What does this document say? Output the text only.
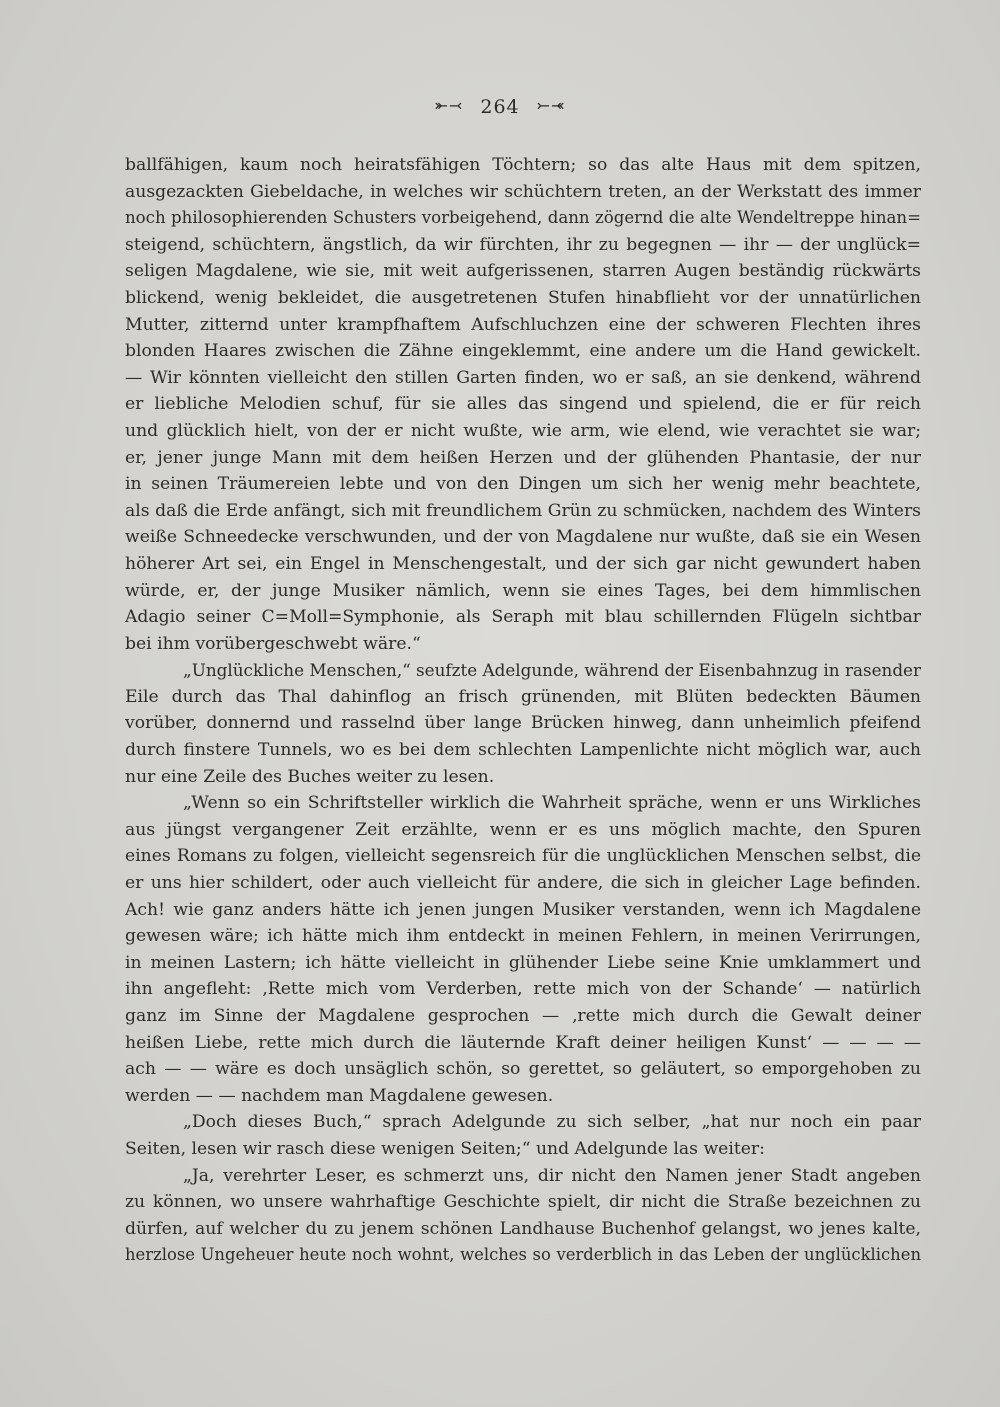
⤜⤙ 264 ⤚⤛
ballfähigen, kaum noch heiratsfähigen Töchtern; so das alte Haus mit dem spitzen,
ausgezackten Giebeldache, in welches wir schüchtern treten, an der Werkstatt des immer
noch philosophierenden Schusters vorbeigehend, dann zögernd die alte Wendeltreppe hinan=
steigend, schüchtern, ängstlich, da wir fürchten, ihr zu begegnen — ihr — der unglück=
seligen Magdalene, wie sie, mit weit aufgerissenen, starren Augen beständig rückwärts
blickend, wenig bekleidet, die ausgetretenen Stufen hinabflieht vor der unnatürlichen
Mutter, zitternd unter krampfhaftem Aufschluchzen eine der schweren Flechten ihres
blonden Haares zwischen die Zähne eingeklemmt, eine andere um die Hand gewickelt.
— Wir könnten vielleicht den stillen Garten finden, wo er saß, an sie denkend, während
er liebliche Melodien schuf, für sie alles das singend und spielend, die er für reich
und glücklich hielt, von der er nicht wußte, wie arm, wie elend, wie verachtet sie war;
er, jener junge Mann mit dem heißen Herzen und der glühenden Phantasie, der nur
in seinen Träumereien lebte und von den Dingen um sich her wenig mehr beachtete,
als daß die Erde anfängt, sich mit freundlichem Grün zu schmücken, nachdem des Winters
weiße Schneedecke verschwunden, und der von Magdalene nur wußte, daß sie ein Wesen
höherer Art sei, ein Engel in Menschengestalt, und der sich gar nicht gewundert haben
würde, er, der junge Musiker nämlich, wenn sie eines Tages, bei dem himmlischen
Adagio seiner C=Moll=Symphonie, als Seraph mit blau schillernden Flügeln sichtbar
bei ihm vorübergeschwebt wäre.“
„Unglückliche Menschen,“ seufzte Adelgunde, während der Eisenbahnzug in rasender
Eile durch das Thal dahinflog an frisch grünenden, mit Blüten bedeckten Bäumen
vorüber, donnernd und rasselnd über lange Brücken hinweg, dann unheimlich pfeifend
durch finstere Tunnels, wo es bei dem schlechten Lampenlichte nicht möglich war, auch
nur eine Zeile des Buches weiter zu lesen.
„Wenn so ein Schriftsteller wirklich die Wahrheit spräche, wenn er uns Wirkliches
aus jüngst vergangener Zeit erzählte, wenn er es uns möglich machte, den Spuren
eines Romans zu folgen, vielleicht segensreich für die unglücklichen Menschen selbst, die
er uns hier schildert, oder auch vielleicht für andere, die sich in gleicher Lage befinden.
Ach! wie ganz anders hätte ich jenen jungen Musiker verstanden, wenn ich Magdalene
gewesen wäre; ich hätte mich ihm entdeckt in meinen Fehlern, in meinen Verirrungen,
in meinen Lastern; ich hätte vielleicht in glühender Liebe seine Knie umklammert und
ihn angefleht: ‚Rette mich vom Verderben, rette mich von der Schande‘ — natürlich
ganz im Sinne der Magdalene gesprochen — ‚rette mich durch die Gewalt deiner
heißen Liebe, rette mich durch die läuternde Kraft deiner heiligen Kunst‘ — — — —
ach — — wäre es doch unsäglich schön, so gerettet, so geläutert, so emporgehoben zu
werden — — nachdem man Magdalene gewesen.
„Doch dieses Buch,“ sprach Adelgunde zu sich selber, „hat nur noch ein paar
Seiten, lesen wir rasch diese wenigen Seiten;“ und Adelgunde las weiter:
„Ja, verehrter Leser, es schmerzt uns, dir nicht den Namen jener Stadt angeben
zu können, wo unsere wahrhaftige Geschichte spielt, dir nicht die Straße bezeichnen zu
dürfen, auf welcher du zu jenem schönen Landhause Buchenhof gelangst, wo jenes kalte,
herzlose Ungeheuer heute noch wohnt, welches so verderblich in das Leben der unglücklichen
